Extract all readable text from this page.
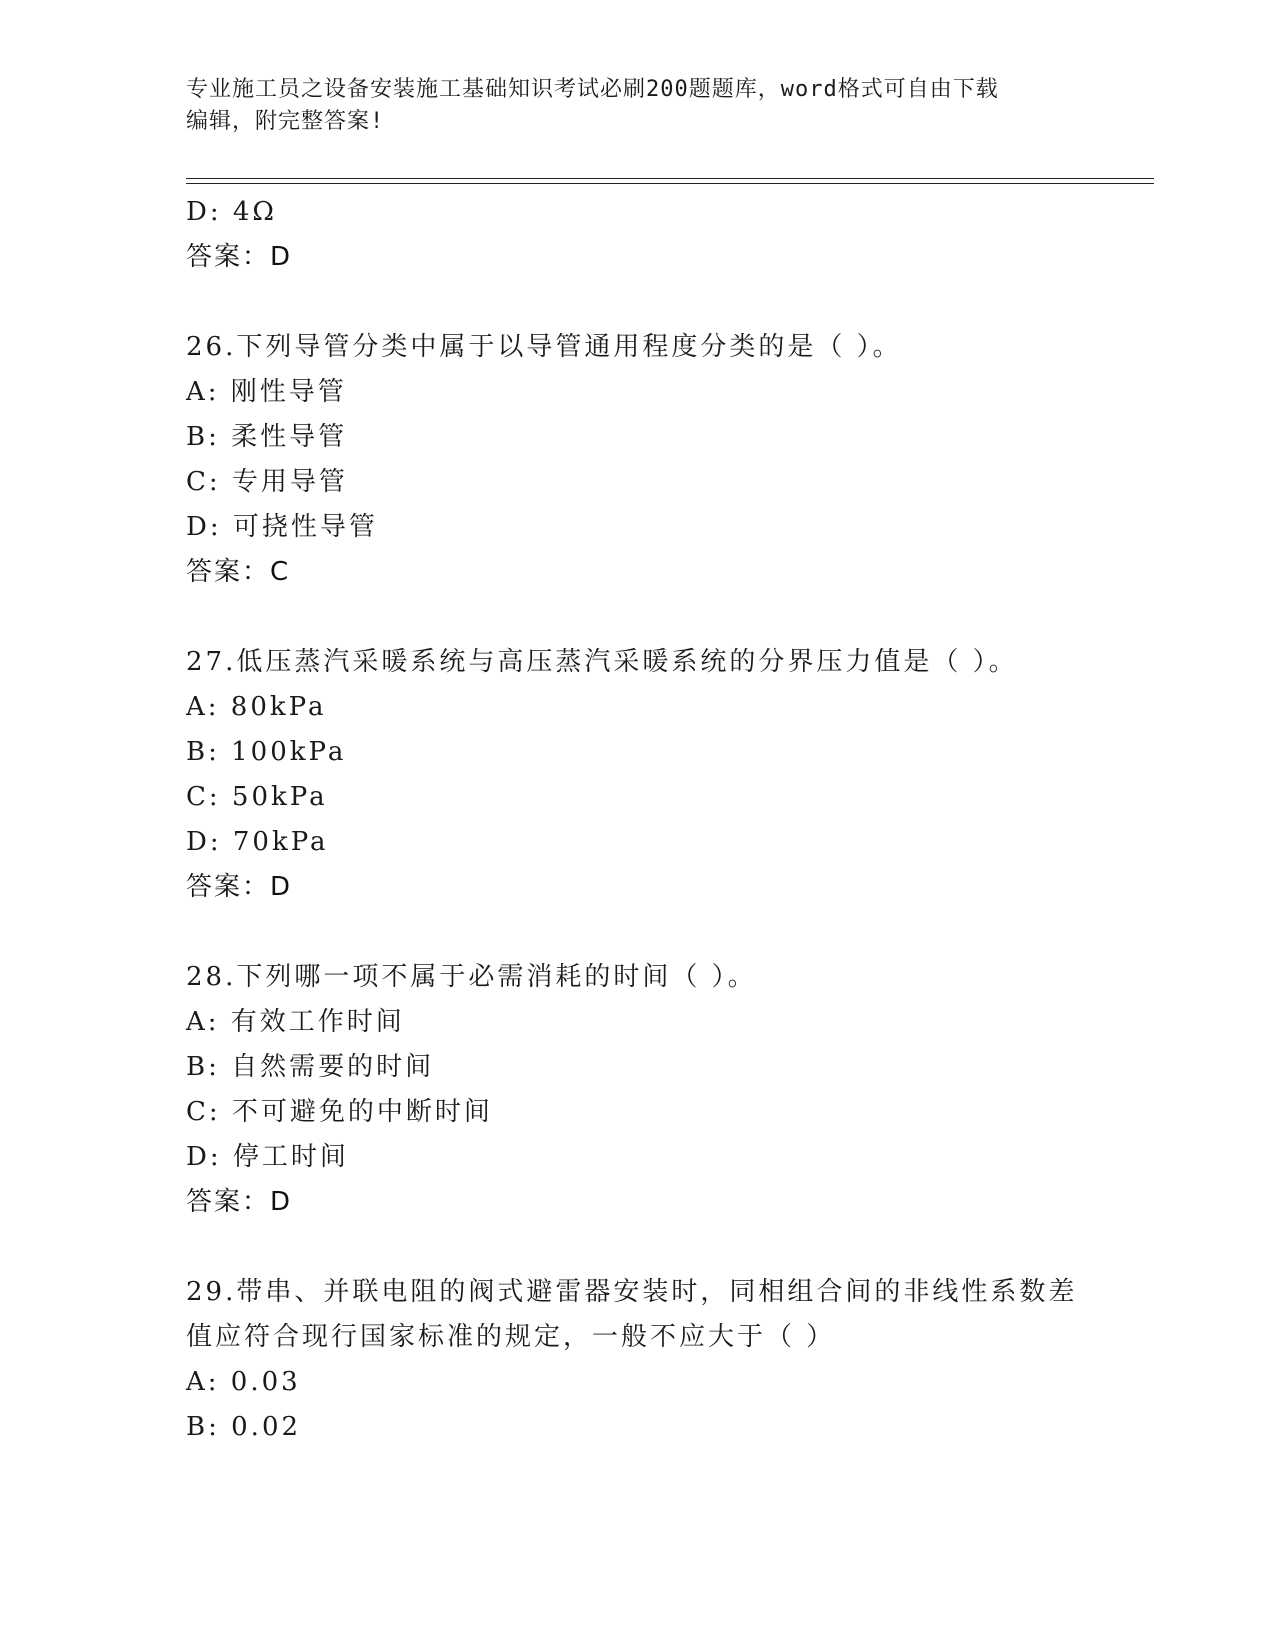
专业施工员之设备安装施工基础知识考试必刷200题题库，word格式可自由下载
编辑，附完整答案!
D: 4Ω
答案：D
26.下列导管分类中属于以导管通用程度分类的是（ ）。
A: 刚性导管
B: 柔性导管
C: 专用导管
D: 可挠性导管
答案：C
27.低压蒸汽采暖系统与高压蒸汽采暖系统的分界压力值是（ ）。
A: 80kPa
B: 100kPa
C: 50kPa
D: 70kPa
答案：D
28.下列哪一项不属于必需消耗的时间（ ）。
A: 有效工作时间
B: 自然需要的时间
C: 不可避免的中断时间
D: 停工时间
答案：D
29.带串、并联电阻的阀式避雷器安装时，同相组合间的非线性系数差
值应符合现行国家标准的规定，一般不应大于（ ）
A: 0.03
B: 0.02
